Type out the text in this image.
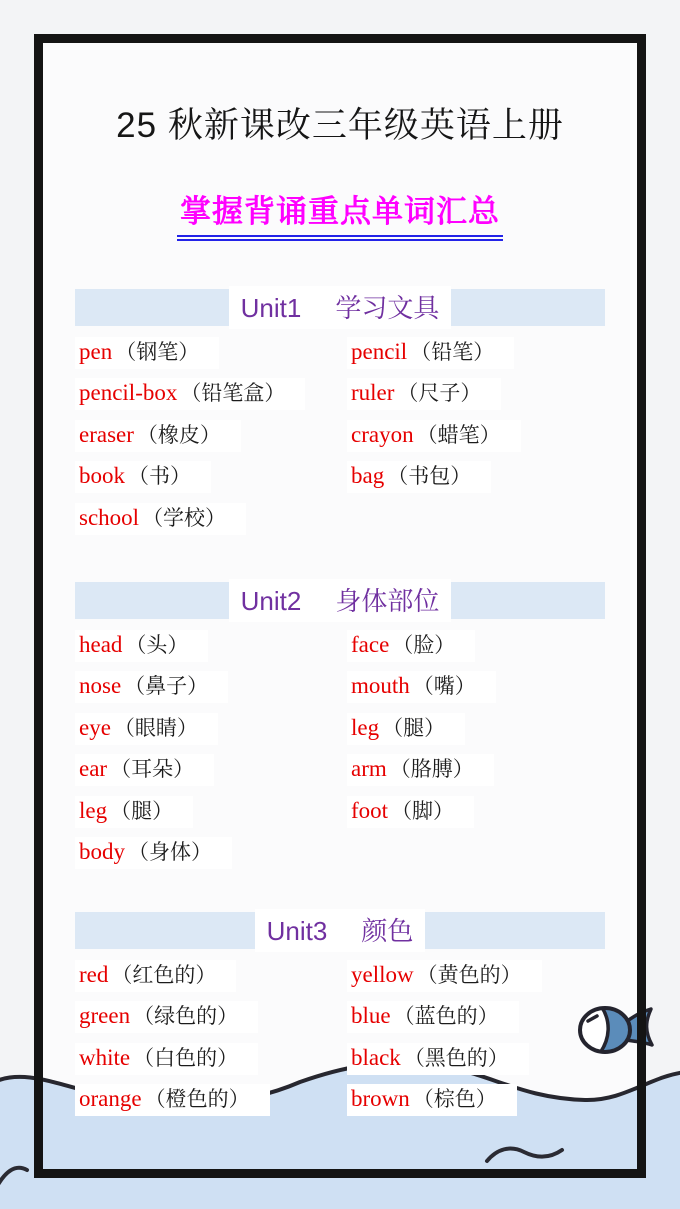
25 秋新课改三年级英语上册
掌握背诵重点单词汇总
Unit1 学习文具
pen （钢笔）	pencil （铅笔）
pencil-box （铅笔盒）	ruler （尺子）
eraser （橡皮）	crayon （蜡笔）
book （书）	bag （书包）
school （学校）
Unit2 身体部位
head （头）	face （脸）
nose （鼻子）	mouth （嘴）
eye （眼睛）	leg （腿）
ear （耳朵）	arm （胳膊）
leg （腿）	foot （脚）
body （身体）
Unit3 颜色
red （红色的）	yellow （黄色的）
green （绿色的）	blue （蓝色的）
white （白色的）	black （黑色的）
orange （橙色的）	brown （棕色）
